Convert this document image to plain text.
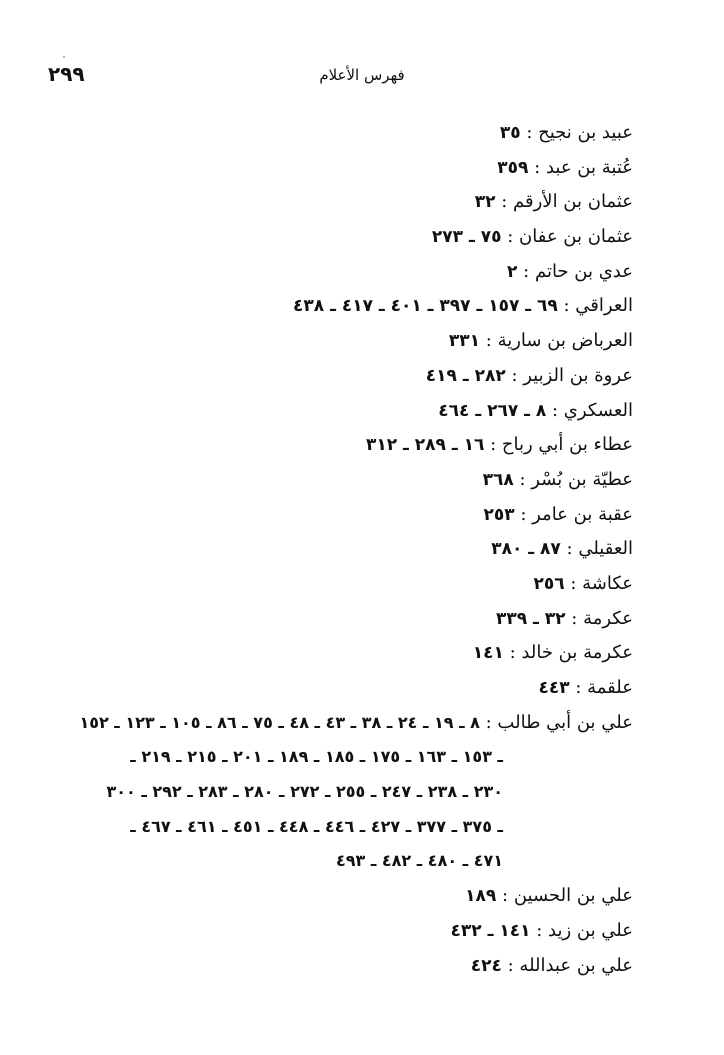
٢٩٩	فهرس الأعلام
عبيد بن نجيح : ٣٥
عُتبة بن عبد : ٣٥٩
عثمان بن الأرقم : ٣٢
عثمان بن عفان : ٧٥ ـ ٢٧٣
عدي بن حاتم : ٢
العراقي : ٦٩ ـ ١٥٧ ـ ٣٩٧ ـ ٤٠١ ـ ٤١٧ ـ ٤٣٨
العرباض بن سارية : ٣٣١
عروة بن الزبير : ٢٨٢ ـ ٤١٩
العسكري : ٨ ـ ٢٦٧ ـ ٤٦٤
عطاء بن أبي رباح : ١٦ ـ ٢٨٩ ـ ٣١٢
عطيّة بن بُسْر : ٣٦٨
عقبة بن عامر : ٢٥٣
العقيلي : ٨٧ ـ ٣٨٠
عكاشة : ٢٥٦
عكرمة : ٣٢ ـ ٣٣٩
عكرمة بن خالد : ١٤١
علقمة : ٤٤٣
علي بن أبي طالب : ٨ ـ ١٩ ـ ٢٤ ـ ٣٨ ـ ٤٣ ـ ٤٨ ـ ٧٥ ـ ٨٦ ـ ١٠٥ ـ ١٢٣ ـ ١٥٢
ـ ١٥٣ ـ ١٦٣ ـ ١٧٥ ـ ١٨٥ ـ ١٨٩ ـ ٢٠١ ـ ٢١٥ ـ ٢١٩ ـ
٢٣٠ ـ ٢٣٨ ـ ٢٤٧ ـ ٢٥٥ ـ ٢٧٢ ـ ٢٨٠ ـ ٢٨٣ ـ ٢٩٢ ـ ٣٠٠
ـ ٣٧٥ ـ ٣٧٧ ـ ٤٢٧ ـ ٤٤٦ ـ ٤٤٨ ـ ٤٥١ ـ ٤٦١ ـ ٤٦٧ ـ
٤٧١ ـ ٤٨٠ ـ ٤٨٢ ـ ٤٩٣
علي بن الحسين : ١٨٩
علي بن زيد : ١٤١ ـ ٤٣٢
علي بن عبدالله : ٤٢٤
